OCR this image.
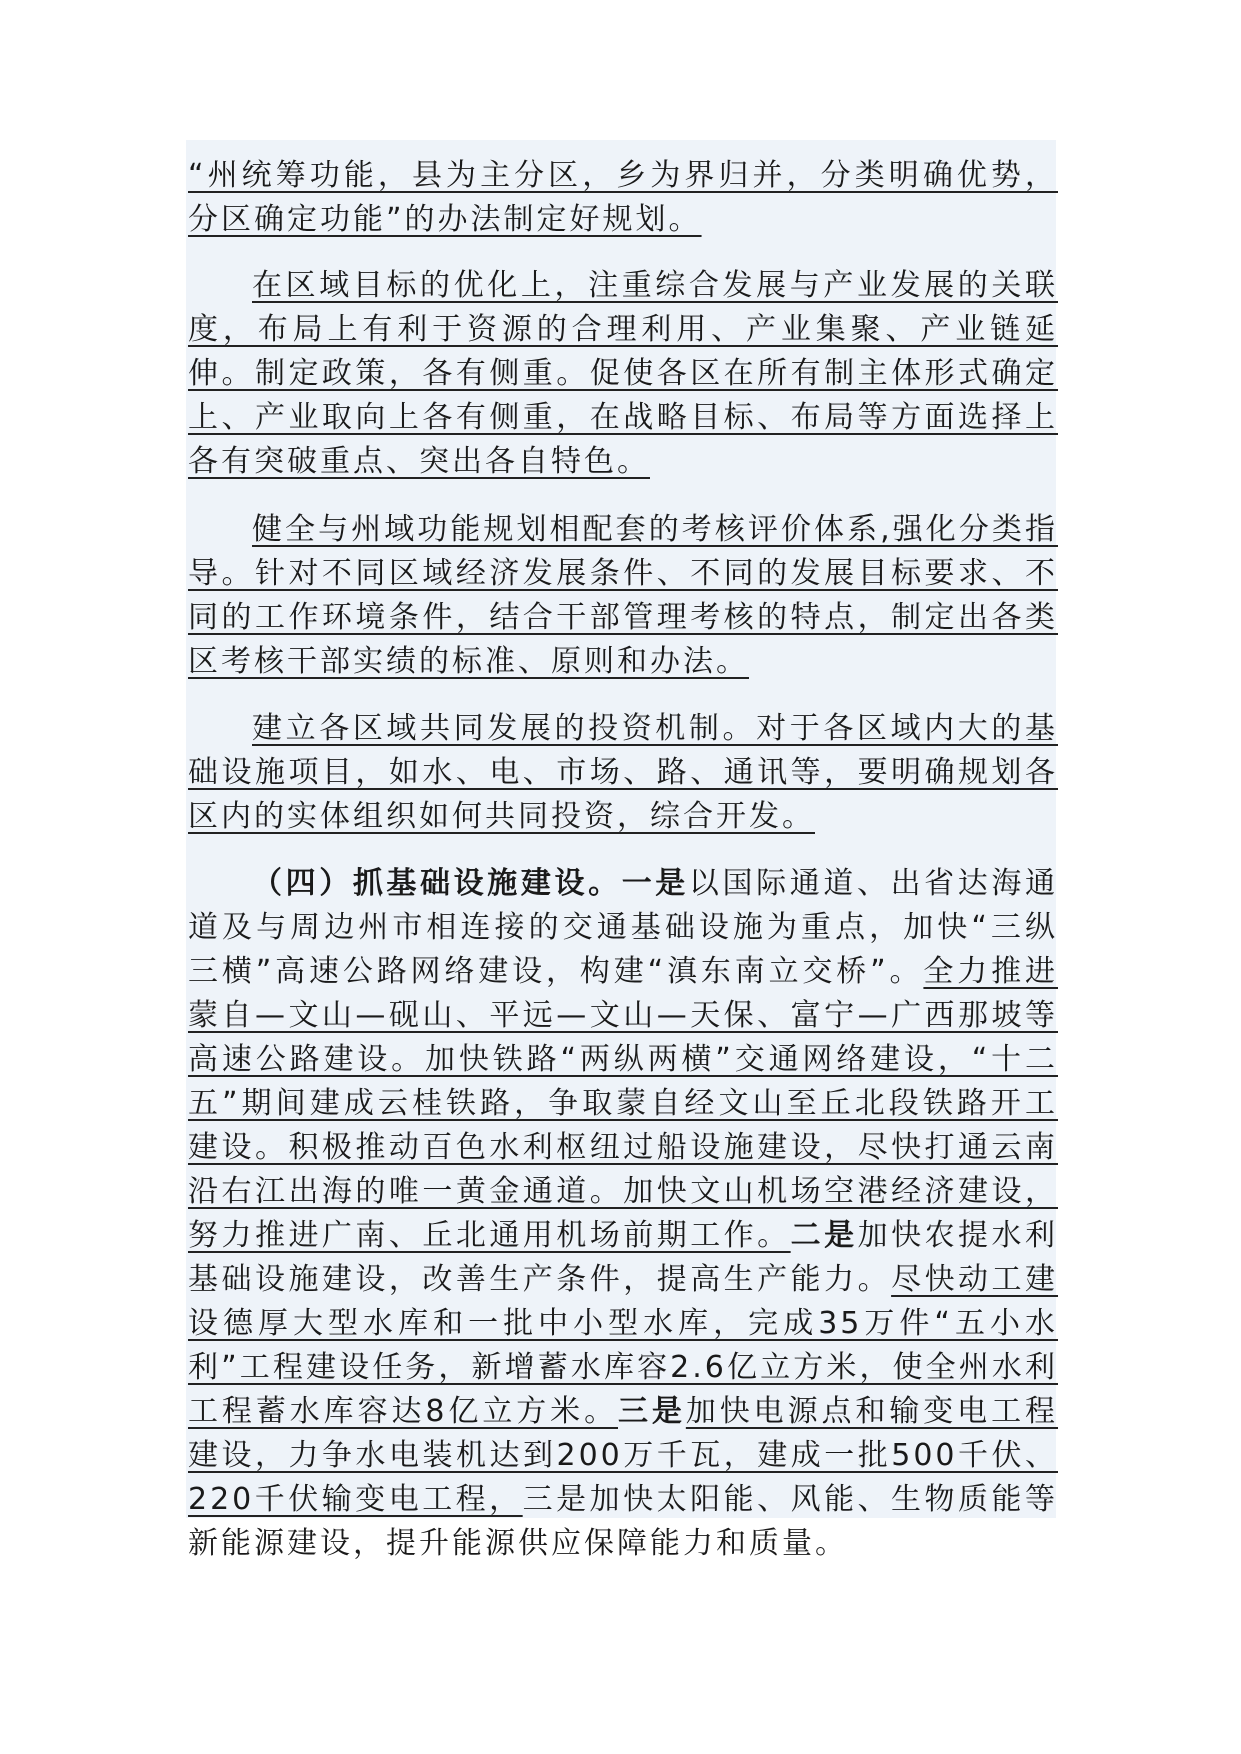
“州统筹功能，县为主分区，乡为界归并，分类明确优势，分区确定功能”的办法制定好规划。

在区域目标的优化上，注重综合发展与产业发展的关联度，布局上有利于资源的合理利用、产业集聚、产业链延伸。制定政策，各有侧重。促使各区在所有制主体形式确定上、产业取向上各有侧重，在战略目标、布局等方面选择上各有突破重点、突出各自特色。

健全与州域功能规划相配套的考核评价体系,强化分类指导。针对不同区域经济发展条件、不同的发展目标要求、不同的工作环境条件，结合干部管理考核的特点，制定出各类区考核干部实绩的标准、原则和办法。

建立各区域共同发展的投资机制。对于各区域内大的基础设施项目，如水、电、市场、路、通讯等，要明确规划各区内的实体组织如何共同投资，综合开发。

（四）抓基础设施建设。一是以国际通道、出省达海通道及与周边州市相连接的交通基础设施为重点，加快“三纵三横”高速公路网络建设，构建“滇东南立交桥”。全力推进蒙自—文山—砚山、平远—文山—天保、富宁—广西那坡等高速公路建设。加快铁路“两纵两横”交通网络建设，“十二五”期间建成云桂铁路，争取蒙自经文山至丘北段铁路开工建设。积极推动百色水利枢纽过船设施建设，尽快打通云南沿右江出海的唯一黄金通道。加快文山机场空港经济建设，努力推进广南、丘北通用机场前期工作。二是加快农提水利基础设施建设，改善生产条件，提高生产能力。尽快动工建设德厚大型水库和一批中小型水库，完成35万件“五小水利”工程建设任务，新增蓄水库容2.6亿立方米，使全州水利工程蓄水库容达8亿立方米。三是加快电源点和输变电工程建设，力争水电装机达到200万千瓦，建成一批500千伏、220千伏输变电工程，三是加快太阳能、风能、生物质能等新能源建设，提升能源供应保障能力和质量。
